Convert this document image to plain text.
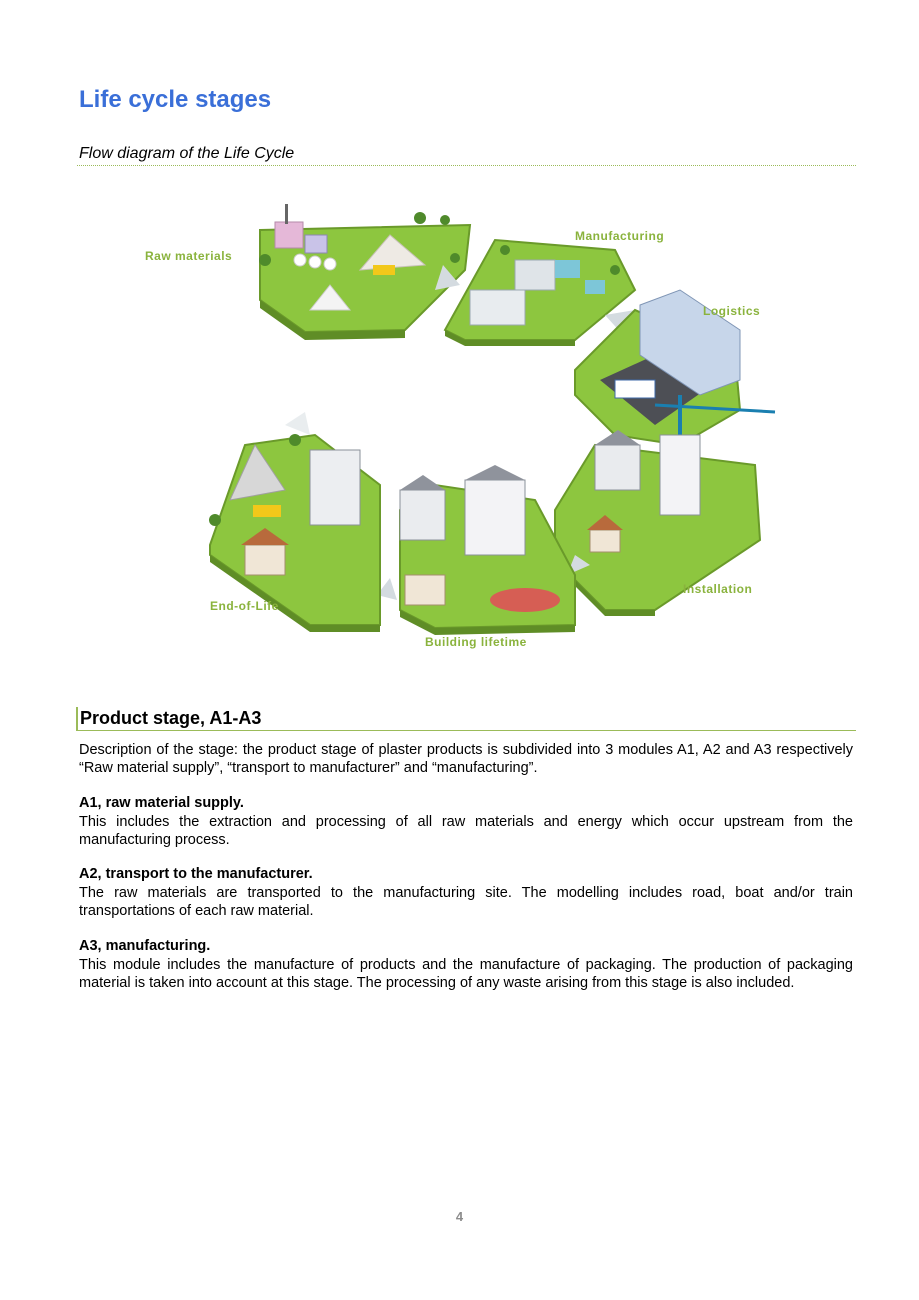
Life cycle stages
Flow diagram of the Life Cycle
Raw materials
Manufacturing
Logistics
Installation
Building lifetime
End-of-Life
Product stage, A1-A3

Description of the stage: the product stage of plaster products is subdivided into 3 modules A1, A2 and A3 respectively “Raw material supply”, “transport to manufacturer” and “manufacturing”.

A1, raw material supply.

This includes the extraction and processing of all raw materials and energy which occur upstream from the manufacturing process.

A2, transport to the manufacturer.

The raw materials are transported to the manufacturing site. The modelling includes road, boat and/or train transportations of each raw material.

A3, manufacturing.

This module includes the manufacture of products and the manufacture of packaging. The production of packaging material is taken into account at this stage. The processing of any waste arising from this stage is also included.

4
